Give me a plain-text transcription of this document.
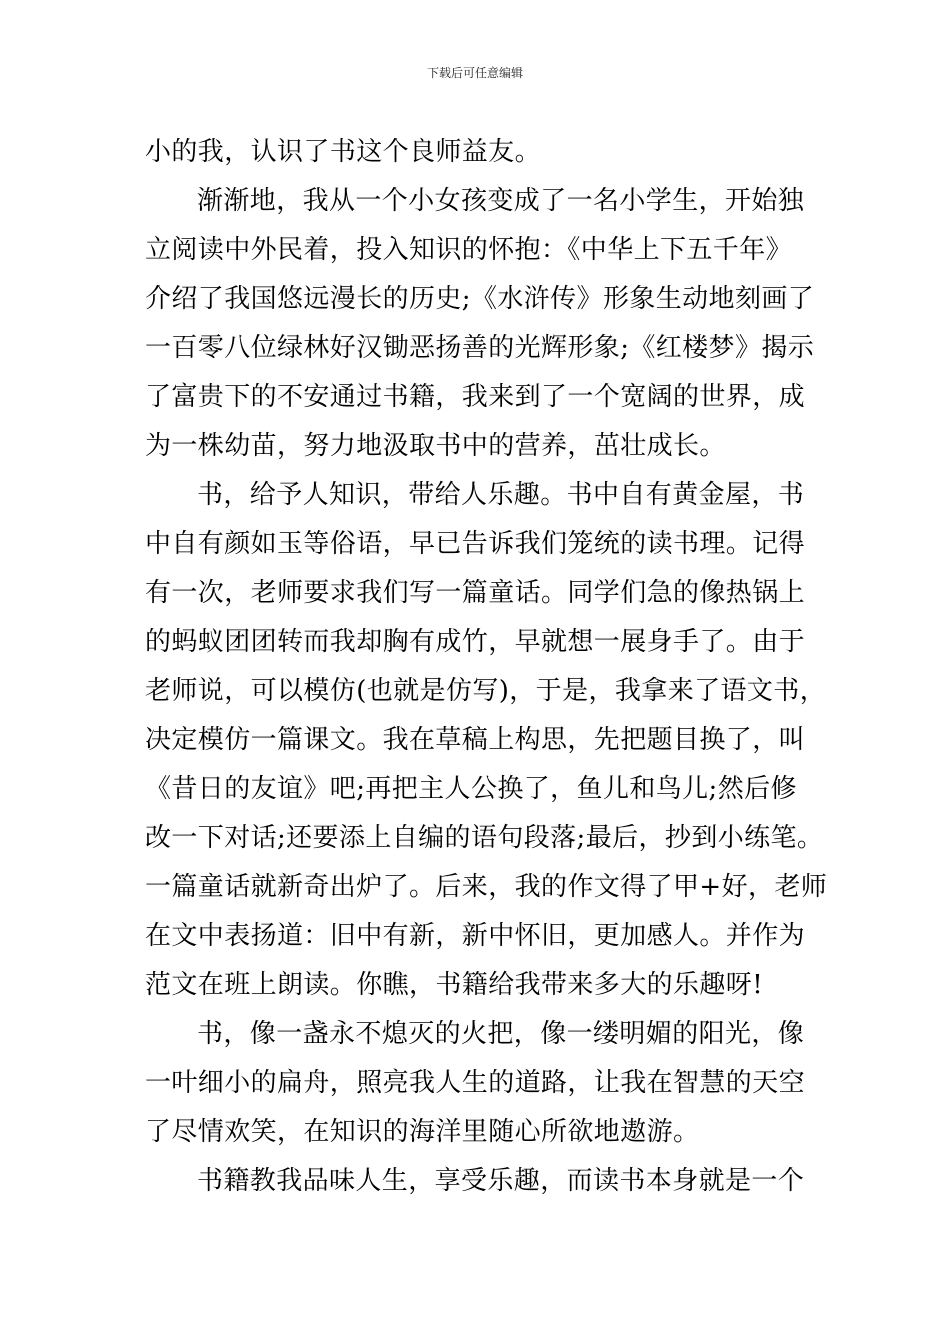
下载后可任意编辑
小的我，认识了书这个良师益友。
渐渐地，我从一个小女孩变成了一名小学生，开始独
立阅读中外民着，投入知识的怀抱：《中华上下五千年》
介绍了我国悠远漫长的历史;《水浒传》形象生动地刻画了
一百零八位绿林好汉锄恶扬善的光辉形象;《红楼梦》揭示
了富贵下的不安通过书籍，我来到了一个宽阔的世界，成
为一株幼苗，努力地汲取书中的营养，茁壮成长。
书，给予人知识，带给人乐趣。书中自有黄金屋，书
中自有颜如玉等俗语，早已告诉我们笼统的读书理。记得
有一次，老师要求我们写一篇童话。同学们急的像热锅上
的蚂蚁团团转而我却胸有成竹，早就想一展身手了。由于
老师说，可以模仿(也就是仿写)，于是，我拿来了语文书，
决定模仿一篇课文。我在草稿上构思，先把题目换了，叫
《昔日的友谊》吧;再把主人公换了，鱼儿和鸟儿;然后修
改一下对话;还要添上自编的语句段落;最后，抄到小练笔。
一篇童话就新奇出炉了。后来，我的作文得了甲+好，老师
在文中表扬道：旧中有新，新中怀旧，更加感人。并作为
范文在班上朗读。你瞧，书籍给我带来多大的乐趣呀!
书，像一盏永不熄灭的火把，像一缕明媚的阳光，像
一叶细小的扁舟，照亮我人生的道路，让我在智慧的天空
了尽情欢笑，在知识的海洋里随心所欲地遨游。
书籍教我品味人生，享受乐趣，而读书本身就是一个
